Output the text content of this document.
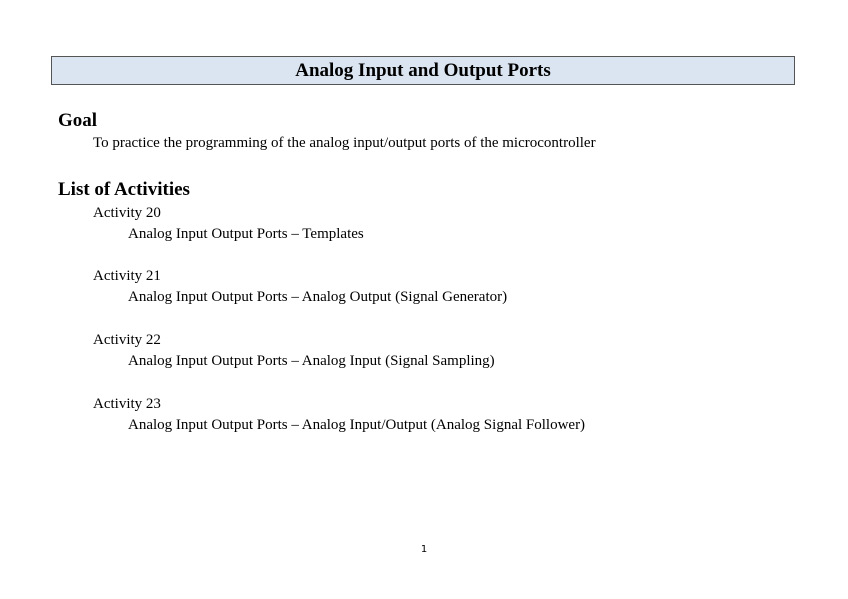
Analog Input and Output Ports
Goal
To practice the programming of the analog input/output ports of the microcontroller
List of Activities
Activity 20
Analog Input Output Ports – Templates
Activity 21
Analog Input Output Ports – Analog Output (Signal Generator)
Activity 22
Analog Input Output Ports – Analog Input (Signal Sampling)
Activity 23
Analog Input Output Ports – Analog Input/Output (Analog Signal Follower)
1
